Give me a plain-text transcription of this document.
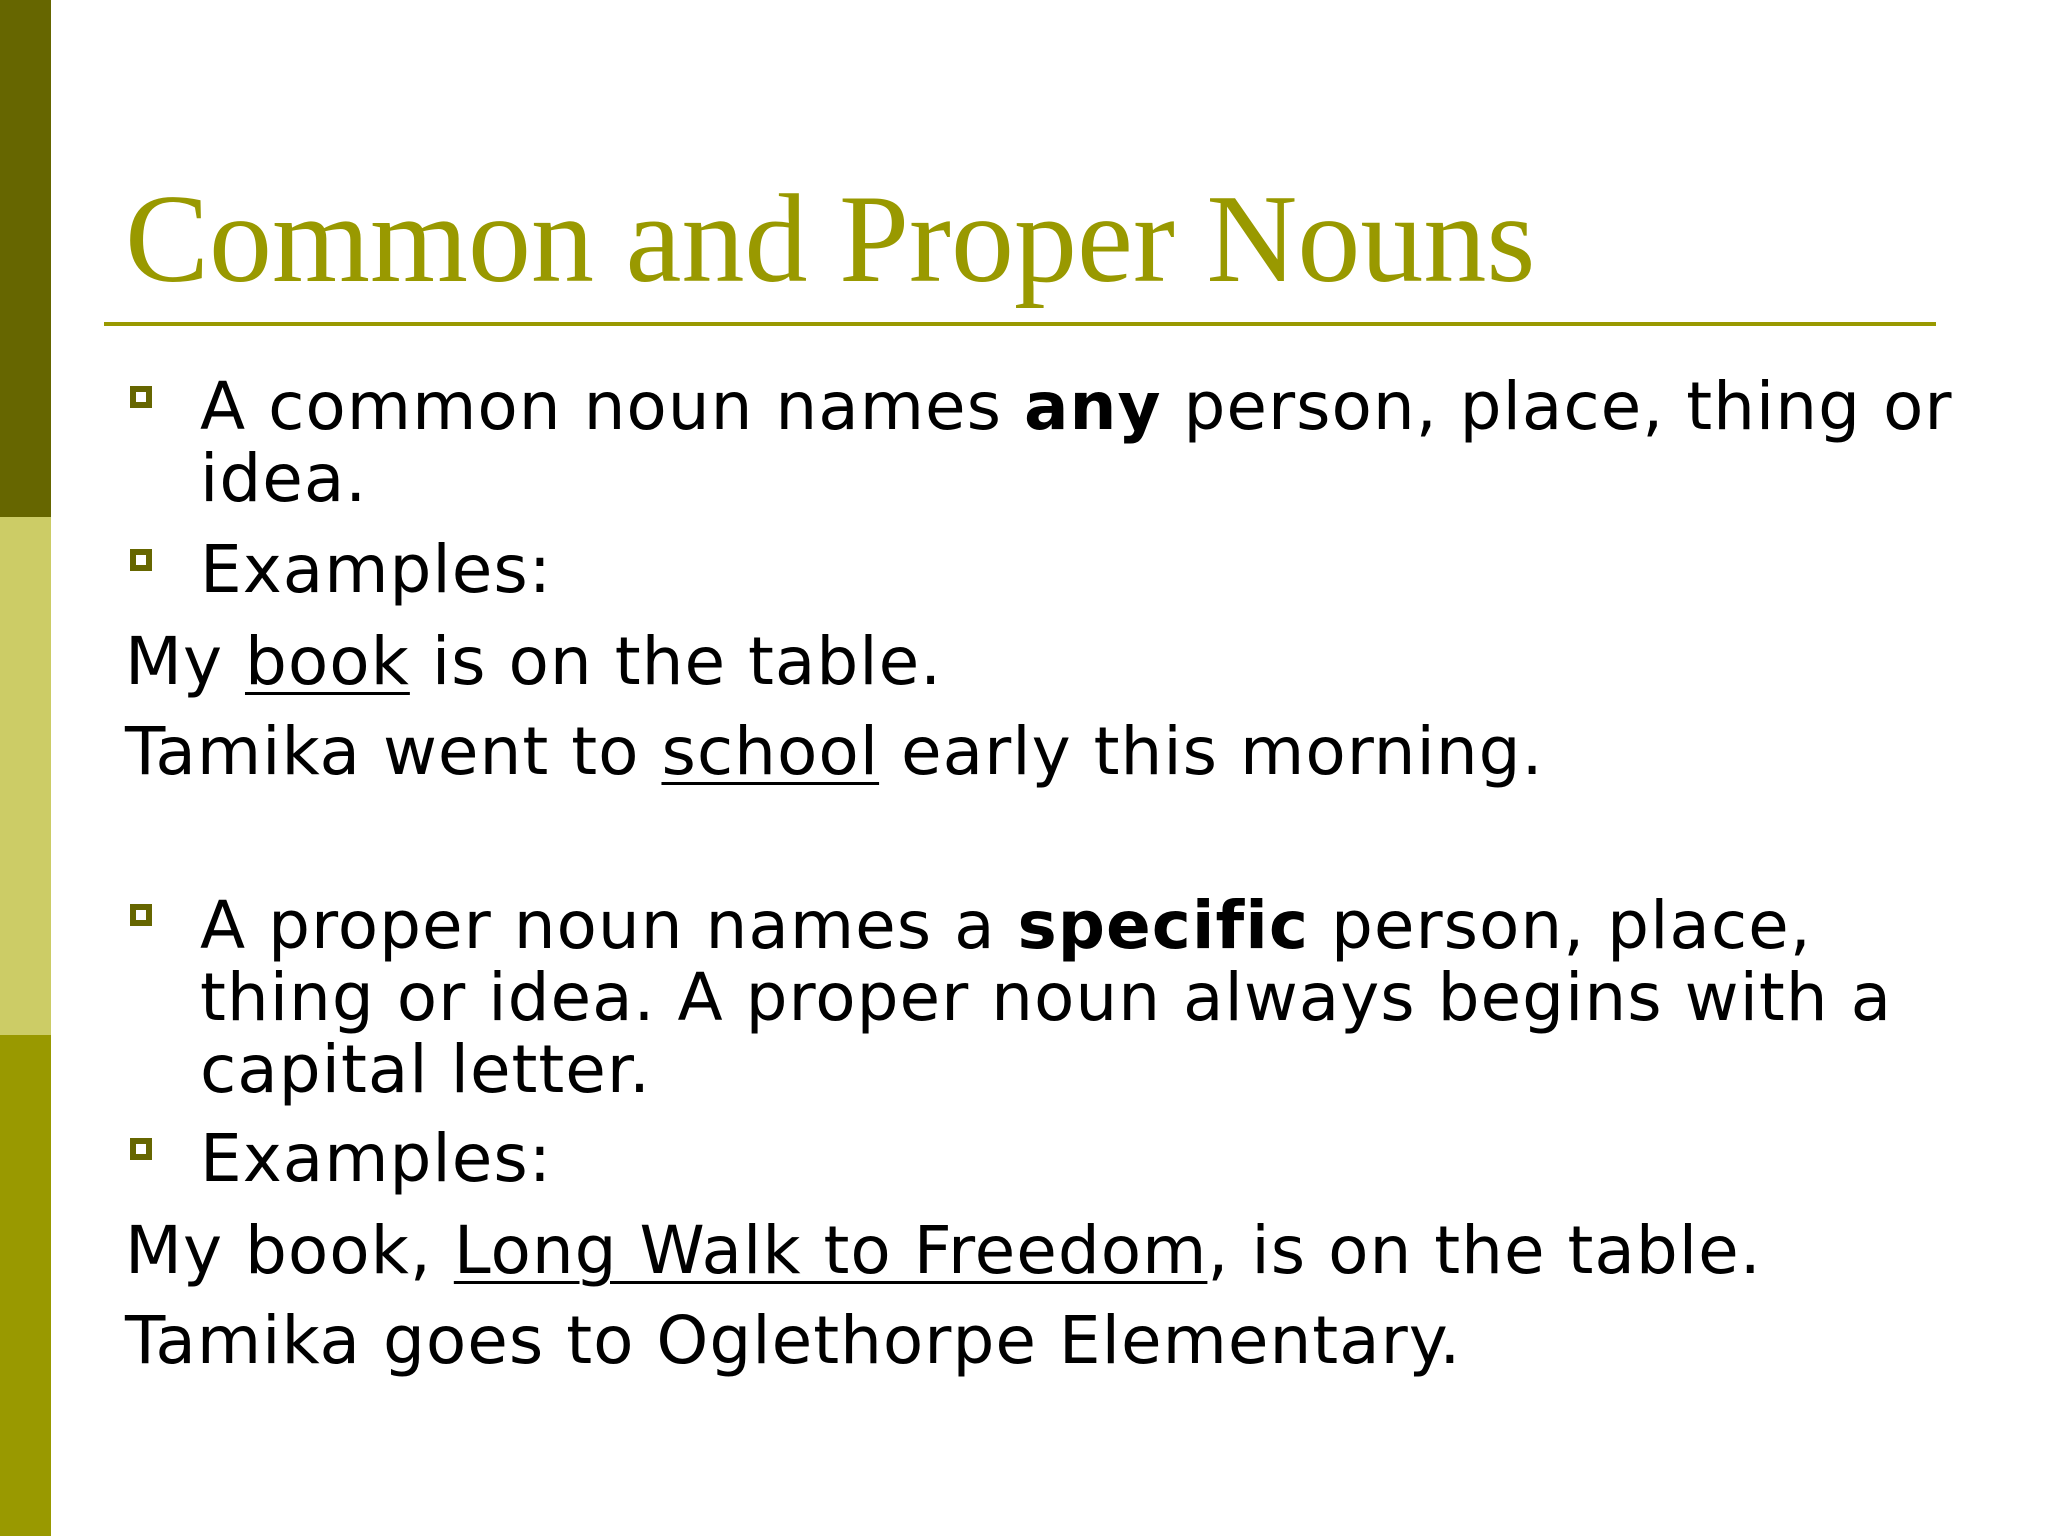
Common and Proper Nouns

A common noun names any person, place, thing or idea.

Examples:

My book is on the table.

Tamika went to school early this morning.

A proper noun names a specific person, place, thing or idea. A proper noun always begins with a capital letter.

Examples:

My book, Long Walk to Freedom, is on the table.

Tamika goes to Oglethorpe Elementary.
